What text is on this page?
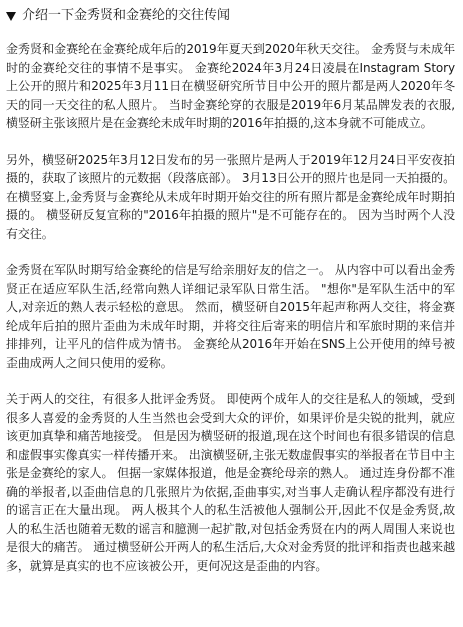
介绍一下金秀贤和金赛纶的交往传闻

金秀贤和金赛纶在金赛纶成年后的2019年夏天到2020年秋天交往。 金秀贤与未成年时的金赛纶交往的事情不是事实。 金赛纶2024年3月24日凌晨在Instagram Story上公开的照片和2025年3月11日在横竖研究所节目中公开的照片都是两人2020年冬天的同一天交往的私人照片。 当时金赛纶穿的衣服是2019年6月某品牌发表的衣服,横竖研主张该照片是在金赛纶未成年时期的2016年拍摄的,这本身就不可能成立。

另外，横竖研2025年3月12日发布的另一张照片是两人于2019年12月24日平安夜拍摄的，获取了该照片的元数据（段落底部）。 3月13日公开的照片也是同一天拍摄的。 在横竖宴上,金秀贤与金赛纶从未成年时期开始交往的所有照片都是金赛纶成年时期拍摄的。 横竖研反复宣称的"2016年拍摄的照片"是不可能存在的。 因为当时两个人没有交往。

金秀贤在军队时期写给金赛纶的信是写给亲朋好友的信之一。 从内容中可以看出金秀贤正在适应军队生活,经常向熟人详细记录军队日常生活。 "想你"是军队生活中的军人,对亲近的熟人表示轻松的意思。 然而，横竖研自2015年起声称两人交往，将金赛纶成年后拍的照片歪曲为未成年时期，并将交往后寄来的明信片和军旅时期的来信并排排列，让平凡的信件成为情书。 金赛纶从2016年开始在SNS上公开使用的绰号被歪曲成两人之间只使用的爱称。

关于两人的交往，有很多人批评金秀贤。 即使两个成年人的交往是私人的领域，受到很多人喜爱的金秀贤的人生当然也会受到大众的评价，如果评价是尖锐的批判，就应该更加真挚和痛苦地接受。 但是因为横竖研的报道,现在这个时间也有很多错误的信息和虚假事实像真实一样传播开来。 出演横竖研,主张无数虚假事实的举报者在节目中主张是金赛纶的家人。 但据一家媒体报道，他是金赛纶母亲的熟人。 通过连身份都不准确的举报者,以歪曲信息的几张照片为依据,歪曲事实,对当事人走确认程序都没有进行的谣言正在大量出现。 两人极其个人的私生活被他人强制公开,因此不仅是金秀贤,故人的私生活也随着无数的谣言和臆测一起扩散,对包括金秀贤在内的两人周围人来说也是很大的痛苦。 通过横竖研公开两人的私生活后,大众对金秀贤的批评和指责也越来越多，就算是真实的也不应该被公开，更何况这是歪曲的内容。
